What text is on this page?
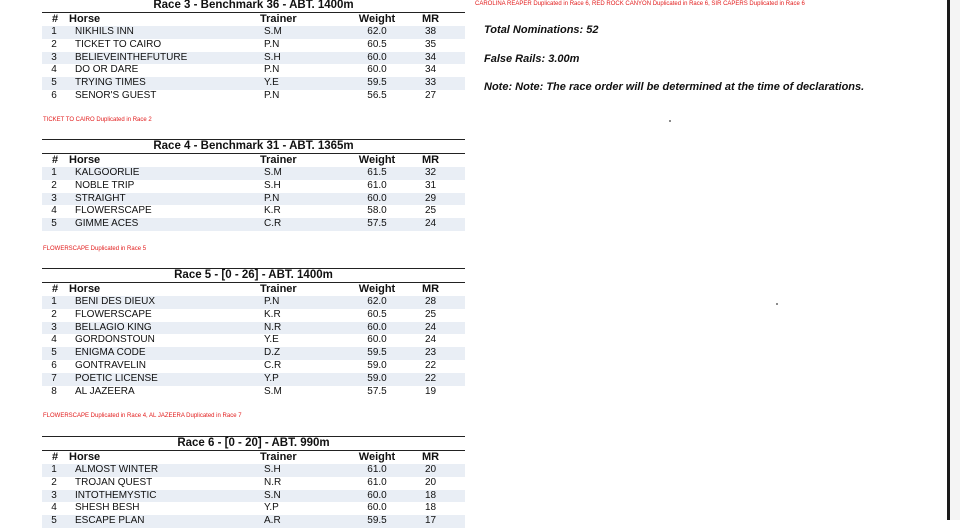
CAROLINA REAPER Duplicated in Race 6, RED ROCK CANYON Duplicated in Race 6, SIR CAPERS Duplicated in Race 6
Total Nominations: 52
False Rails: 3.00m
Note: Note: The race order will be determined at the time of declarations.
Race 3 - Benchmark 36 - ABT. 1400m
# Horse	Trainer	Weight	MR
1	NIKHILS INN	S.M	62.0	38
2	TICKET TO CAIRO	P.N	60.5	35
3	BELIEVEINTHEFUTURE	S.H	60.0	34
4	DO OR DARE	P.N	60.0	34
5	TRYING TIMES	Y.E	59.5	33
6	SENOR'S GUEST	P.N	56.5	27
TICKET TO CAIRO Duplicated in Race 2
Race 4 - Benchmark 31 - ABT. 1365m
# Horse	Trainer	Weight	MR
1	KALGOORLIE	S.M	61.5	32
2	NOBLE TRIP	S.H	61.0	31
3	STRAIGHT	P.N	60.0	29
4	FLOWERSCAPE	K.R	58.0	25
5	GIMME ACES	C.R	57.5	24
FLOWERSCAPE Duplicated in Race 5
Race 5 - [0 - 26] - ABT. 1400m
# Horse	Trainer	Weight	MR
1	BENI DES DIEUX	P.N	62.0	28
2	FLOWERSCAPE	K.R	60.5	25
3	BELLAGIO KING	N.R	60.0	24
4	GORDONSTOUN	Y.E	60.0	24
5	ENIGMA CODE	D.Z	59.5	23
6	GONTRAVELIN	C.R	59.0	22
7	POETIC LICENSE	Y.P	59.0	22
8	AL JAZEERA	S.M	57.5	19
FLOWERSCAPE Duplicated in Race 4, AL JAZEERA Duplicated in Race 7
Race 6 - [0 - 20] - ABT. 990m
# Horse	Trainer	Weight	MR
1	ALMOST WINTER	S.H	61.0	20
2	TROJAN QUEST	N.R	61.0	20
3	INTOTHEMYSTIC	S.N	60.0	18
4	SHESH BESH	Y.P	60.0	18
5	ESCAPE PLAN	A.R	59.5	17
